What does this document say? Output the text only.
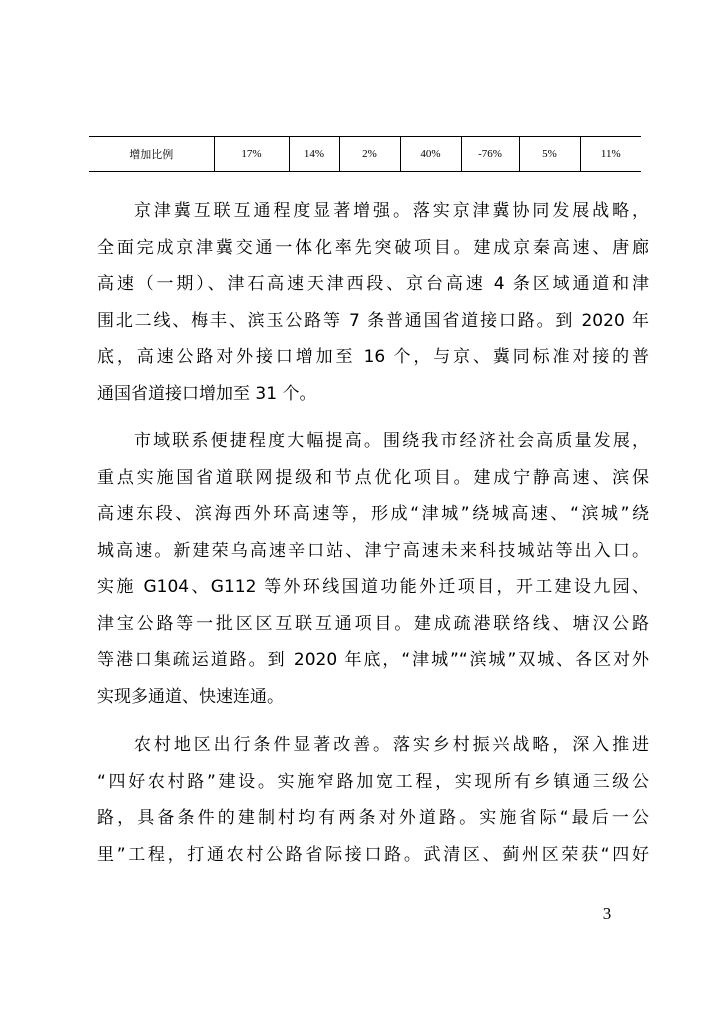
增加比例	17%	14%	2%	40%	-76%	5%	11%
京津冀互联互通程度显著增强。落实京津冀协同发展战略，
全面完成京津冀交通一体化率先突破项目。建成京秦高速、唐廊
高速（一期）、津石高速天津西段、京台高速 4 条区域通道和津
围北二线、梅丰、滨玉公路等 7 条普通国省道接口路。到 2020 年
底，高速公路对外接口增加至 16 个，与京、冀同标准对接的普
通国省道接口增加至 31 个。
市域联系便捷程度大幅提高。围绕我市经济社会高质量发展，
重点实施国省道联网提级和节点优化项目。建成宁静高速、滨保
高速东段、滨海西外环高速等，形成“津城”绕城高速、“滨城”绕
城高速。新建荣乌高速辛口站、津宁高速未来科技城站等出入口。
实施 G104、G112 等外环线国道功能外迁项目，开工建设九园、
津宝公路等一批区区互联互通项目。建成疏港联络线、塘汉公路
等港口集疏运道路。到 2020 年底，“津城”“滨城”双城、各区对外
实现多通道、快速连通。
农村地区出行条件显著改善。落实乡村振兴战略，深入推进
“四好农村路”建设。实施窄路加宽工程，实现所有乡镇通三级公
路，具备条件的建制村均有两条对外道路。实施省际“最后一公
里”工程，打通农村公路省际接口路。武清区、蓟州区荣获“四好
3
